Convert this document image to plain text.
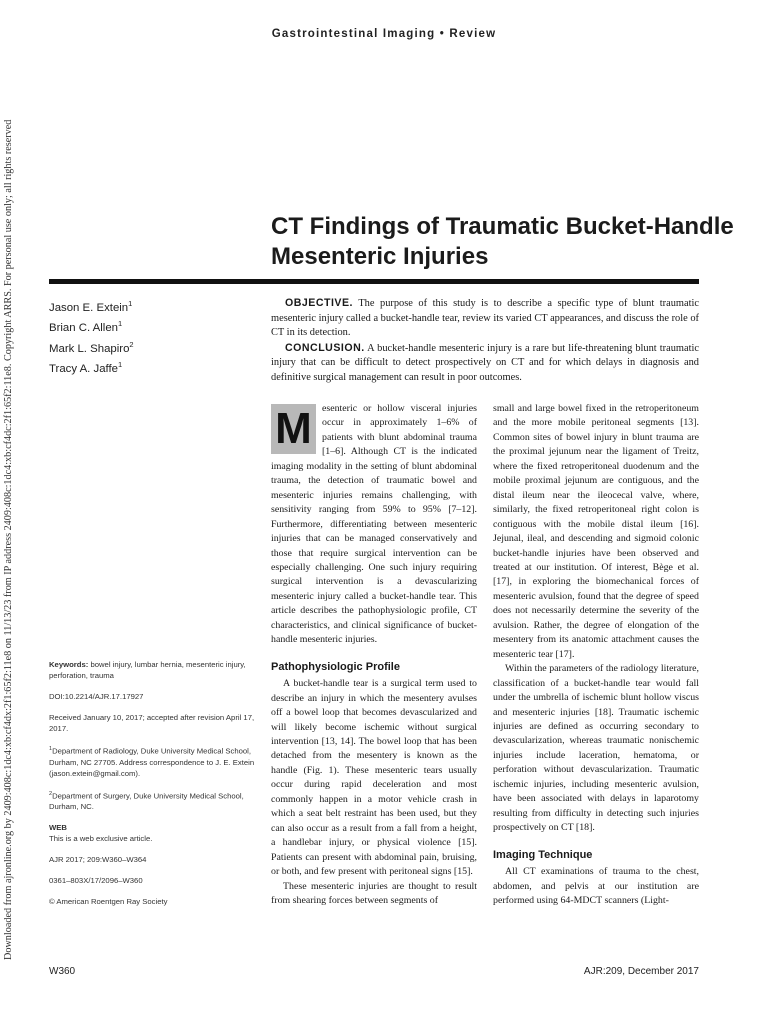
Gastrointestinal Imaging • Review
Downloaded from ajronline.org by 2409:408c:1dc4:xb:cf4dx:2f1:65f2:11e8 on 11/13/23 from IP address 2409:408c:1dc4:xb:cf4dc:2f1:65f2:11e8. Copyright ARRS. For personal use only; all rights reserved	CT Findings of Traumatic Bucket-Handle Mesenteric Injuries
Jason E. Extein$^1$
Brian C. Allen$^1$
Mark L. Shapiro$^2$
Tracy A. Jaffe$^1$

OBJECTIVE. The purpose of this study is to describe a specific type of blunt traumatic mesenteric injury called a bucket-handle tear, review its varied CT appearances, and discuss the role of CT in its detection.

CONCLUSION. A bucket-handle mesenteric injury is a rare but life-threatening blunt traumatic injury that can be difficult to detect prospectively on CT and for which delays in diagnosis and definitive surgical management can result in poor outcomes.

M	esenteric or hollow visceral injuries occur in approximately 1–6% of patients with blunt abdominal trauma [1–6]. Although CT is the indicated imaging modality in the setting of blunt abdominal trauma, the detection of traumatic bowel and mesenteric injuries remains challenging, with sensitivity ranging from 59% to 95% [7–12]. Furthermore, differentiating between mesenteric injuries that can be managed conservatively and those that require surgical intervention can be especially challenging. One such injury requiring surgical intervention is a devascularizing mesenteric injury called a bucket-handle tear. This article describes the pathophysiologic profile, CT characteristics, and clinical significance of bucket-handle mesenteric injuries.

Pathophysiologic Profile

A bucket-handle tear is a surgical term used to describe an injury in which the mesentery avulses off a bowel loop that becomes devascularized and will likely become ischemic without surgical intervention [13, 14]. The bowel loop that has been detached from the mesentery is known as the handle (Fig. 1). These mesenteric tears usually occur during rapid deceleration and most commonly happen in a motor vehicle crash in which a seat belt restraint has been used, but they can also occur as a result from a fall from a height, a handlebar injury, or physical violence [15]. Patients can present with abdominal pain, bruising, or both, and few present with peritoneal signs [15].

These mesenteric injuries are thought to result from shearing forces between segments of

small and large bowel fixed in the retroperitoneum and the more mobile peritoneal segments [13]. Common sites of bowel injury in blunt trauma are the proximal jejunum near the ligament of Treitz, where the fixed retroperitoneal duodenum and the mobile proximal jejunum are contiguous, and the distal ileum near the ileocecal valve, where, similarly, the fixed retroperitoneal right colon is contiguous with the mobile distal ileum [16]. Jejunal, ileal, and descending and sigmoid colonic bucket-handle injuries have been observed and treated at our institution. Of interest, Bège et al. [17], in exploring the biomechanical forces of mesenteric avulsion, found that the degree of speed does not necessarily determine the severity of the avulsion. Rather, the degree of elongation of the mesentery from its anatomic attachment causes the mesenteric tear [17].

Within the parameters of the radiology literature, classification of a bucket-handle tear would fall under the umbrella of ischemic blunt hollow viscus and mesenteric injuries [18]. Traumatic ischemic injuries are defined as occurring secondary to devascularization, whereas traumatic nonischemic injuries include laceration, hematoma, or perforation without devascularization. Traumatic ischemic injuries, including mesenteric avulsion, have been associated with delays in laparotomy resulting from difficulty in detecting such injuries prospectively on CT [18].

Imaging Technique

All CT examinations of trauma to the chest, abdomen, and pelvis at our institution are performed using 64-MDCT scanners (Light-

Keywords: bowel injury, lumbar hernia, mesenteric injury, perforation, trauma

DOI:10.2214/AJR.17.17927

Received January 10, 2017; accepted after revision April 17, 2017.

$^1$Department of Radiology, Duke University Medical School, Durham, NC 27705. Address correspondence to J. E. Extein (jason.extein@gmail.com).

$^2$Department of Surgery, Duke University Medical School, Durham, NC.

WEB
This is a web exclusive article.

AJR 2017; 209:W360–W364

0361–803X/17/2096–W360

© American Roentgen Ray Society

W360	AJR:209, December 2017
